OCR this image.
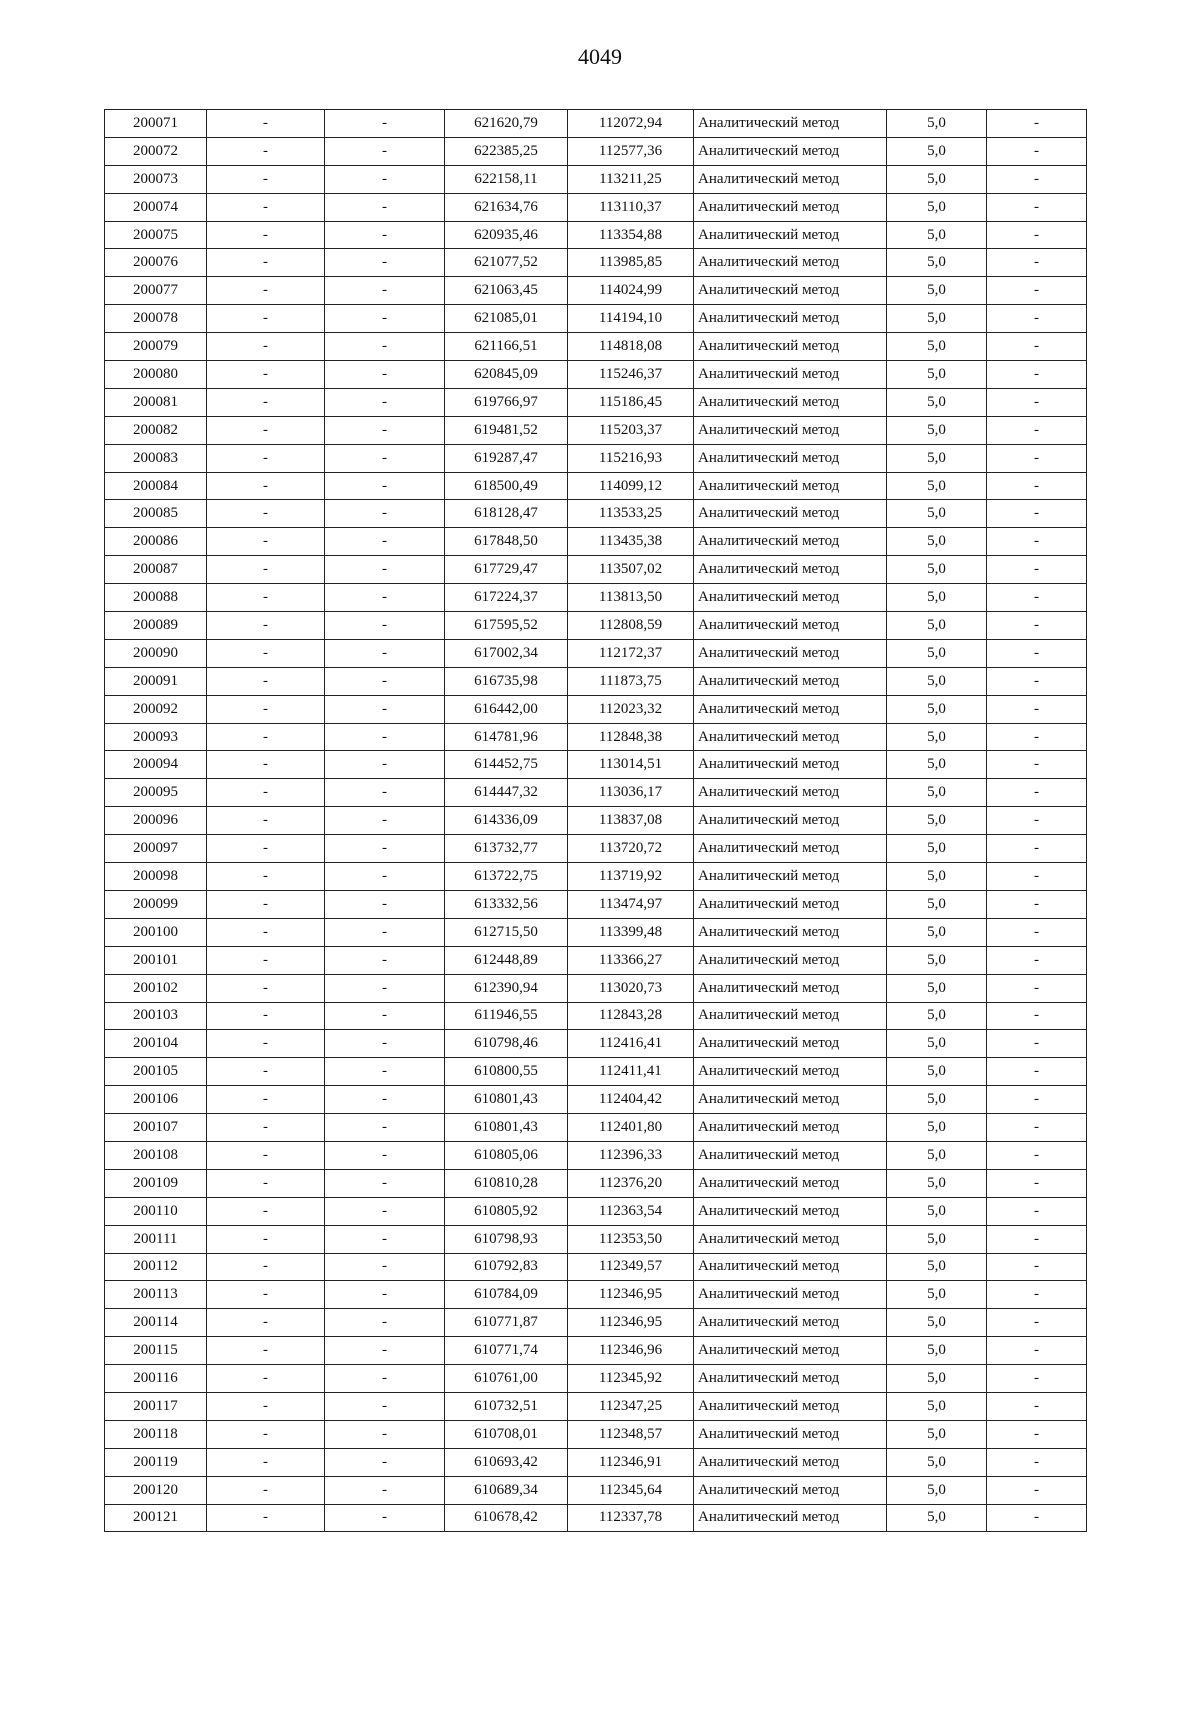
4049
200071	-	-	621620,79	112072,94	Аналитический метод	5,0	-
200072	-	-	622385,25	112577,36	Аналитический метод	5,0	-
200073	-	-	622158,11	113211,25	Аналитический метод	5,0	-
200074	-	-	621634,76	113110,37	Аналитический метод	5,0	-
200075	-	-	620935,46	113354,88	Аналитический метод	5,0	-
200076	-	-	621077,52	113985,85	Аналитический метод	5,0	-
200077	-	-	621063,45	114024,99	Аналитический метод	5,0	-
200078	-	-	621085,01	114194,10	Аналитический метод	5,0	-
200079	-	-	621166,51	114818,08	Аналитический метод	5,0	-
200080	-	-	620845,09	115246,37	Аналитический метод	5,0	-
200081	-	-	619766,97	115186,45	Аналитический метод	5,0	-
200082	-	-	619481,52	115203,37	Аналитический метод	5,0	-
200083	-	-	619287,47	115216,93	Аналитический метод	5,0	-
200084	-	-	618500,49	114099,12	Аналитический метод	5,0	-
200085	-	-	618128,47	113533,25	Аналитический метод	5,0	-
200086	-	-	617848,50	113435,38	Аналитический метод	5,0	-
200087	-	-	617729,47	113507,02	Аналитический метод	5,0	-
200088	-	-	617224,37	113813,50	Аналитический метод	5,0	-
200089	-	-	617595,52	112808,59	Аналитический метод	5,0	-
200090	-	-	617002,34	112172,37	Аналитический метод	5,0	-
200091	-	-	616735,98	111873,75	Аналитический метод	5,0	-
200092	-	-	616442,00	112023,32	Аналитический метод	5,0	-
200093	-	-	614781,96	112848,38	Аналитический метод	5,0	-
200094	-	-	614452,75	113014,51	Аналитический метод	5,0	-
200095	-	-	614447,32	113036,17	Аналитический метод	5,0	-
200096	-	-	614336,09	113837,08	Аналитический метод	5,0	-
200097	-	-	613732,77	113720,72	Аналитический метод	5,0	-
200098	-	-	613722,75	113719,92	Аналитический метод	5,0	-
200099	-	-	613332,56	113474,97	Аналитический метод	5,0	-
200100	-	-	612715,50	113399,48	Аналитический метод	5,0	-
200101	-	-	612448,89	113366,27	Аналитический метод	5,0	-
200102	-	-	612390,94	113020,73	Аналитический метод	5,0	-
200103	-	-	611946,55	112843,28	Аналитический метод	5,0	-
200104	-	-	610798,46	112416,41	Аналитический метод	5,0	-
200105	-	-	610800,55	112411,41	Аналитический метод	5,0	-
200106	-	-	610801,43	112404,42	Аналитический метод	5,0	-
200107	-	-	610801,43	112401,80	Аналитический метод	5,0	-
200108	-	-	610805,06	112396,33	Аналитический метод	5,0	-
200109	-	-	610810,28	112376,20	Аналитический метод	5,0	-
200110	-	-	610805,92	112363,54	Аналитический метод	5,0	-
200111	-	-	610798,93	112353,50	Аналитический метод	5,0	-
200112	-	-	610792,83	112349,57	Аналитический метод	5,0	-
200113	-	-	610784,09	112346,95	Аналитический метод	5,0	-
200114	-	-	610771,87	112346,95	Аналитический метод	5,0	-
200115	-	-	610771,74	112346,96	Аналитический метод	5,0	-
200116	-	-	610761,00	112345,92	Аналитический метод	5,0	-
200117	-	-	610732,51	112347,25	Аналитический метод	5,0	-
200118	-	-	610708,01	112348,57	Аналитический метод	5,0	-
200119	-	-	610693,42	112346,91	Аналитический метод	5,0	-
200120	-	-	610689,34	112345,64	Аналитический метод	5,0	-
200121	-	-	610678,42	112337,78	Аналитический метод	5,0	-
